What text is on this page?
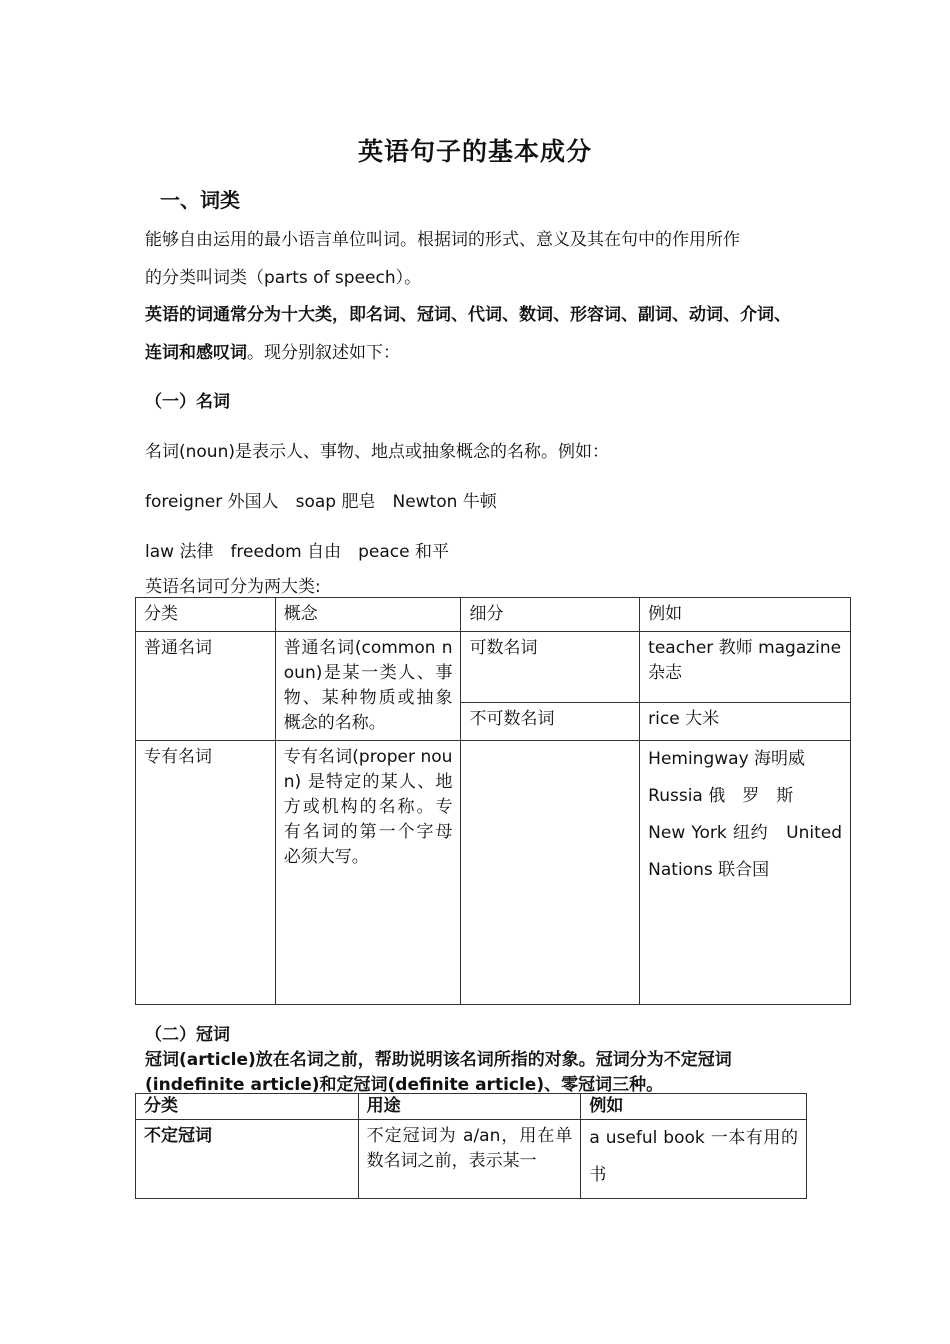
英语句子的基本成分
一、词类
能够自由运用的最小语言单位叫词。根据词的形式、意义及其在句中的作用所作
的分类叫词类（parts of speech）。
英语的词通常分为十大类，即名词、冠词、代词、数词、形容词、副词、动词、介词、
连词和感叹词。现分别叙述如下：
（一）名词
名词(noun)是表示人、事物、地点或抽象概念的名称。例如：
foreigner 外国人　soap 肥皂　Newton 牛顿
law 法律　freedom 自由　peace 和平
英语名词可分为两大类:
分类	概念	细分	例如
普通名词	普通名词(common noun)是某一类人、事物、某种物质或抽象概念的名称。	可数名词	teacher 教师 magazine 杂志
		不可数名词	rice 大米
专有名词	专有名词(proper noun) 是特定的某人、地方或机构的名称。专有名词的第一个字母必须大写。		Hemingway 海明威
Russia 俄　罗　斯
New York 纽约　United Nations 联合国
（二）冠词
冠词(article)放在名词之前，帮助说明该名词所指的对象。冠词分为不定冠词
(indefinite article)和定冠词(definite article)、零冠词三种。
分类	用途	例如
不定冠词	不定冠词为 a/an，用在单数名词之前，表示某一	a useful book 一本有用的书
